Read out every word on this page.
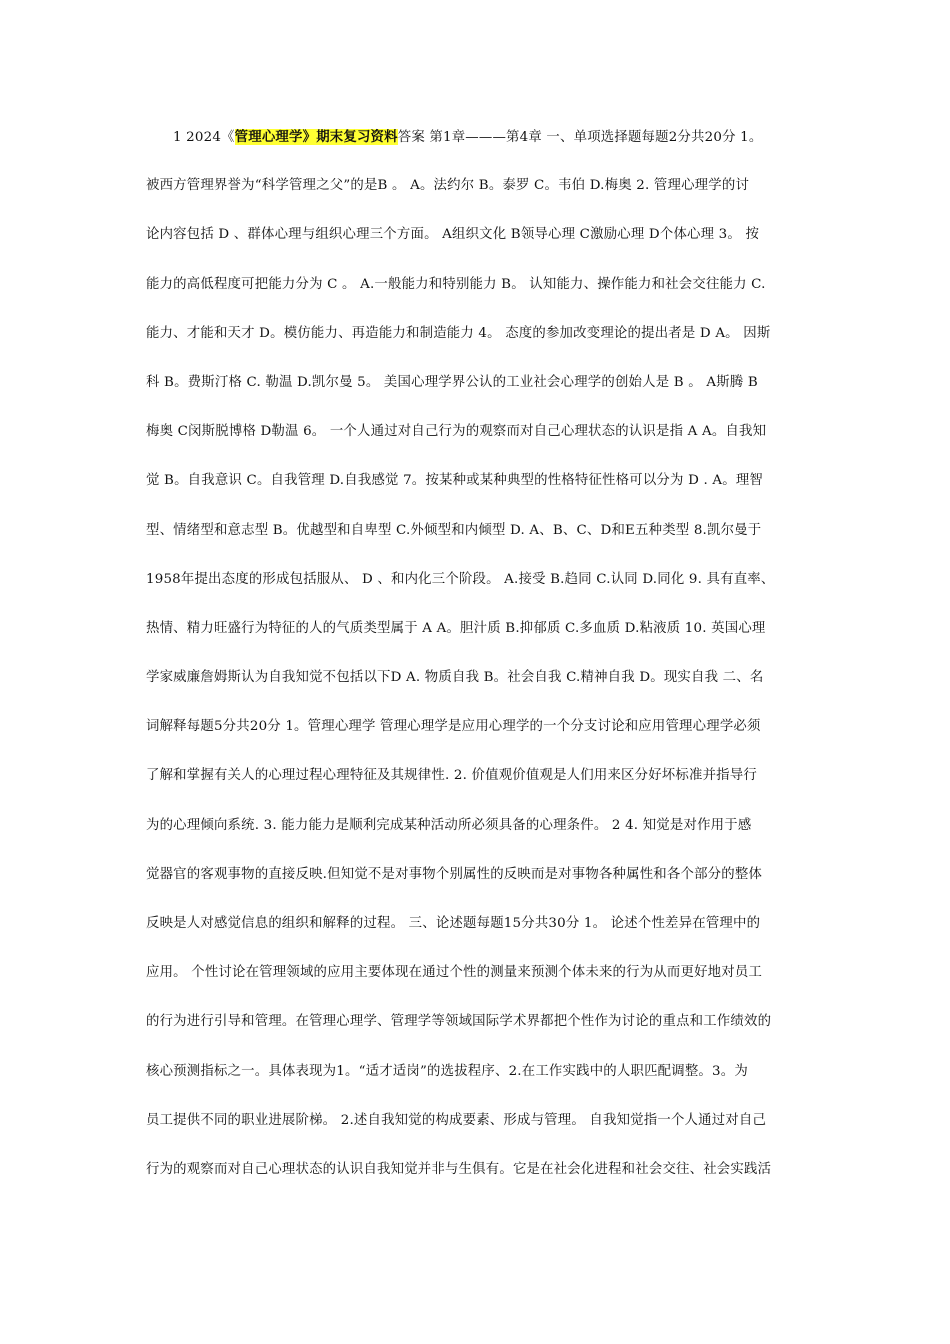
1 2024《管理心理学》期末复习资料答案 第1章———第4章 一、单项选择题每题2分共20分 1。
被西方管理界誉为“科学管理之父”的是B 。 A。法约尔 B。泰罗 C。韦伯 D.梅奥 2. 管理心理学的讨
论内容包括 D 、群体心理与组织心理三个方面。 A组织文化 B领导心理 C激励心理 D个体心理 3。 按
能力的高低程度可把能力分为 C 。 A.一般能力和特别能力 B。 认知能力、操作能力和社会交往能力 C.
能力、才能和天才 D。模仿能力、再造能力和制造能力 4。 态度的参加改变理论的提出者是 D A。 因斯
科 B。费斯汀格 C. 勒温 D.凯尔曼 5。 美国心理学界公认的工业社会心理学的创始人是 B 。 A斯腾 B
梅奥 C闵斯脱博格 D勒温 6。 一个人通过对自己行为的观察而对自己心理状态的认识是指 A A。自我知
觉 B。自我意识 C。自我管理 D.自我感觉 7。按某种或某种典型的性格特征性格可以分为 D . A。理智
型、情绪型和意志型 B。优越型和自卑型 C.外倾型和内倾型 D. A、B、C、D和E五种类型 8.凯尔曼于
1958年提出态度的形成包括服从、 D 、和内化三个阶段。 A.接受 B.趋同 C.认同 D.同化 9. 具有直率、
热情、精力旺盛行为特征的人的气质类型属于 A A。胆汁质 B.抑郁质 C.多血质 D.粘液质 10. 英国心理
学家威廉詹姆斯认为自我知觉不包括以下D A. 物质自我 B。社会自我 C.精神自我 D。现实自我 二、名
词解释每题5分共20分 1。管理心理学 管理心理学是应用心理学的一个分支讨论和应用管理心理学必须
了解和掌握有关人的心理过程心理特征及其规律性. 2. 价值观价值观是人们用来区分好坏标准并指导行
为的心理倾向系统. 3. 能力能力是顺利完成某种活动所必须具备的心理条件。 2 4. 知觉是对作用于感
觉器官的客观事物的直接反映.但知觉不是对事物个别属性的反映而是对事物各种属性和各个部分的整体
反映是人对感觉信息的组织和解释的过程。 三、论述题每题15分共30分 1。 论述个性差异在管理中的
应用。 个性讨论在管理领域的应用主要体现在通过个性的测量来预测个体未来的行为从而更好地对员工
的行为进行引导和管理。在管理心理学、管理学等领域国际学术界都把个性作为讨论的重点和工作绩效的
核心预测指标之一。具体表现为1。“适才适岗”的选拔程序、2.在工作实践中的人职匹配调整。3。为
员工提供不同的职业进展阶梯。 2.述自我知觉的构成要素、形成与管理。 自我知觉指一个人通过对自己
行为的观察而对自己心理状态的认识自我知觉并非与生俱有。它是在社会化进程和社会交往、社会实践活
